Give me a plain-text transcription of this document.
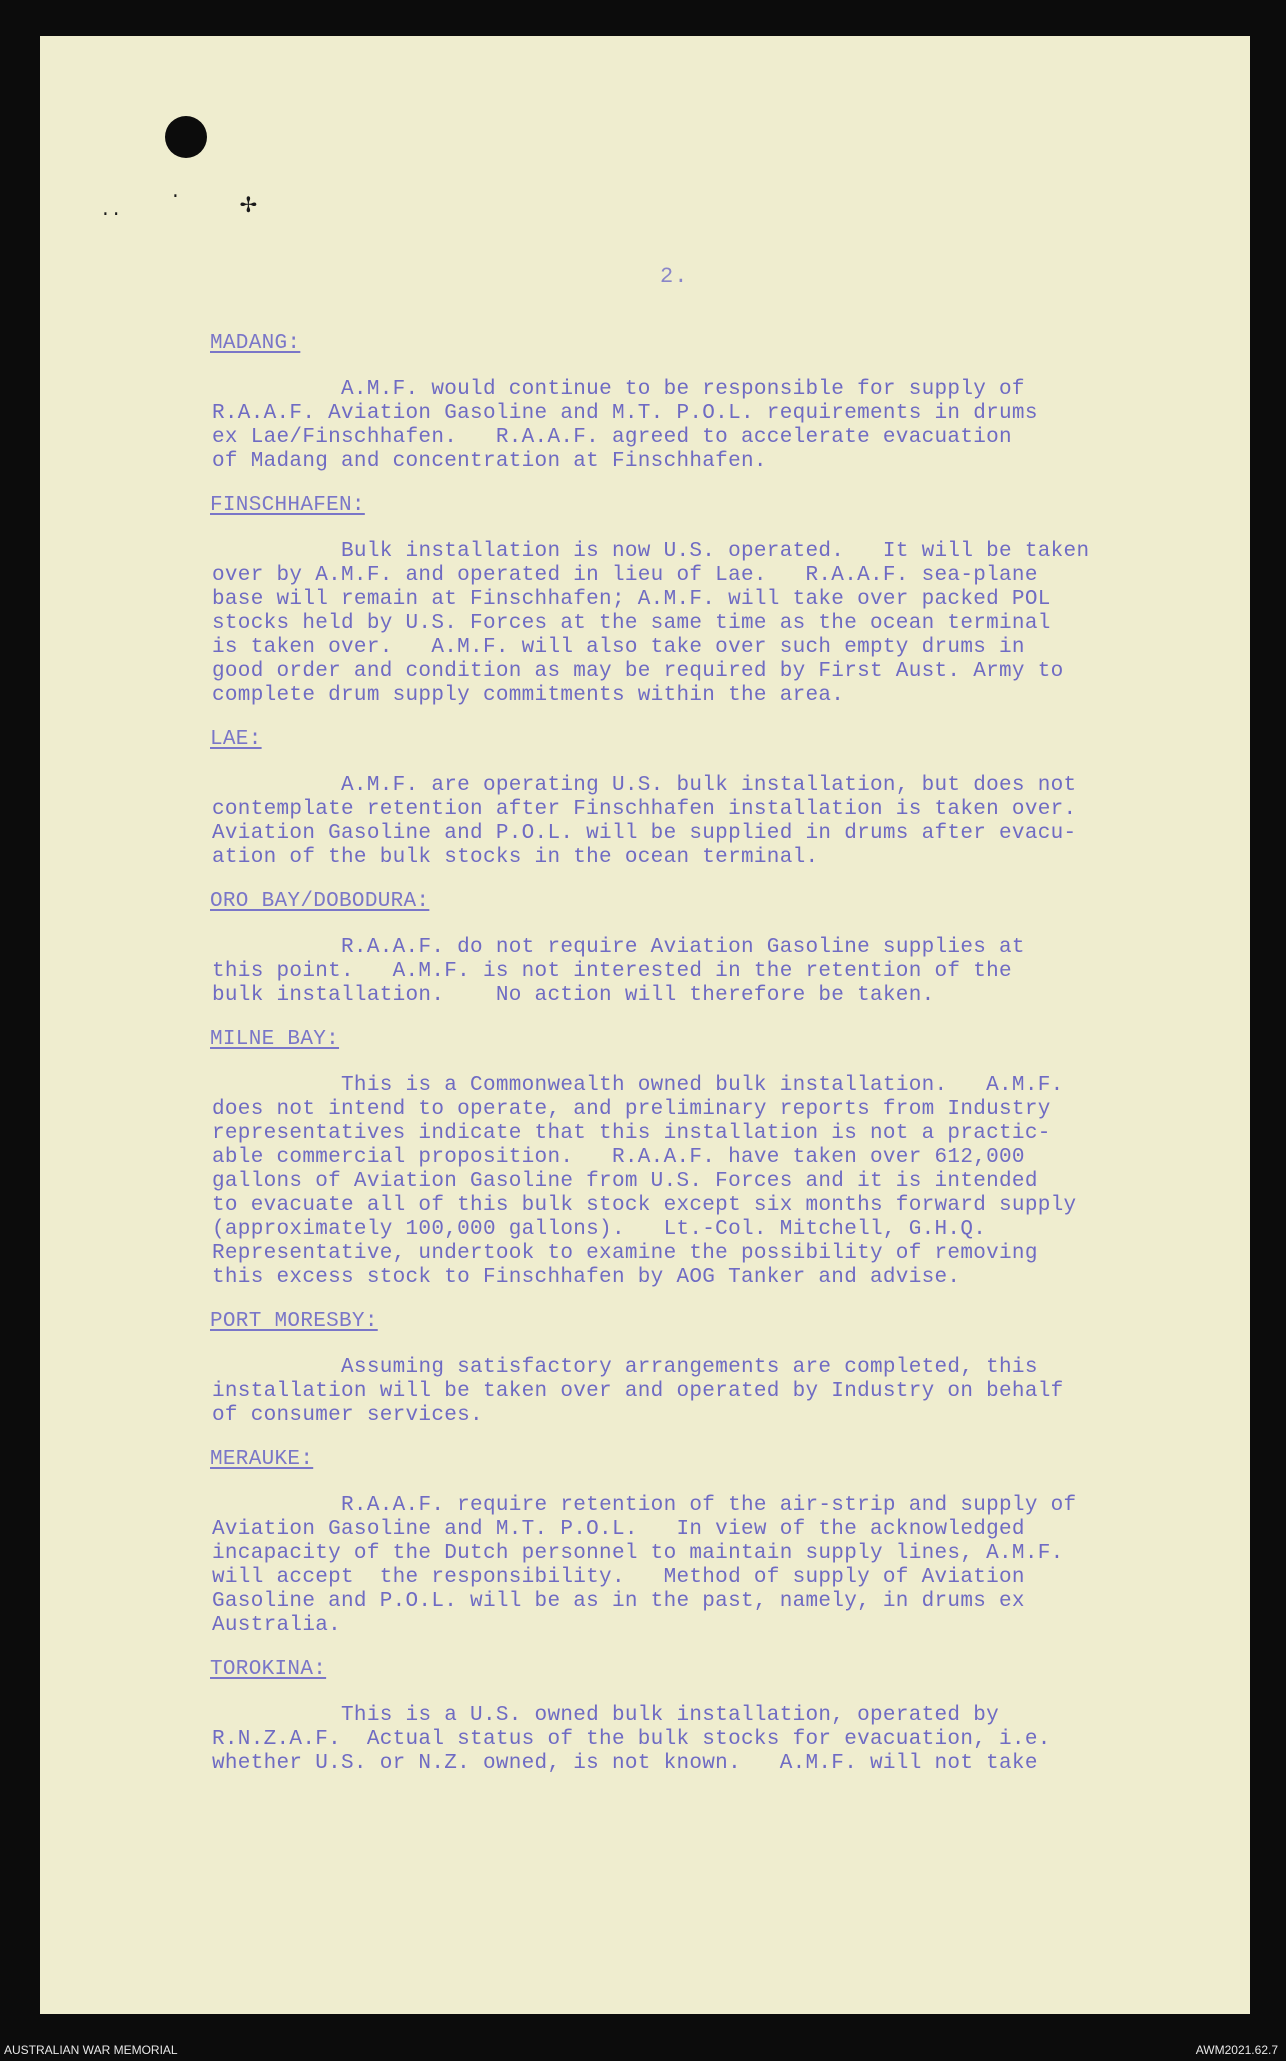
·
··	✢
2.
MADANG:
A.M.F. would continue to be responsible for supply of
R.A.A.F. Aviation Gasoline and M.T. P.O.L. requirements in drums
ex Lae/Finschhafen.   R.A.A.F. agreed to accelerate evacuation
of Madang and concentration at Finschhafen.
FINSCHHAFEN:
Bulk installation is now U.S. operated.   It will be taken
over by A.M.F. and operated in lieu of Lae.   R.A.A.F. sea-plane
base will remain at Finschhafen; A.M.F. will take over packed POL
stocks held by U.S. Forces at the same time as the ocean terminal
is taken over.   A.M.F. will also take over such empty drums in
good order and condition as may be required by First Aust. Army to
complete drum supply commitments within the area.
LAE:
A.M.F. are operating U.S. bulk installation, but does not
contemplate retention after Finschhafen installation is taken over.
Aviation Gasoline and P.O.L. will be supplied in drums after evacu-
ation of the bulk stocks in the ocean terminal.
ORO BAY/DOBODURA:
R.A.A.F. do not require Aviation Gasoline supplies at
this point.   A.M.F. is not interested in the retention of the
bulk installation.    No action will therefore be taken.
MILNE BAY:
This is a Commonwealth owned bulk installation.   A.M.F.
does not intend to operate, and preliminary reports from Industry
representatives indicate that this installation is not a practic-
able commercial proposition.   R.A.A.F. have taken over 612,000
gallons of Aviation Gasoline from U.S. Forces and it is intended
to evacuate all of this bulk stock except six months forward supply
(approximately 100,000 gallons).   Lt.-Col. Mitchell, G.H.Q.
Representative, undertook to examine the possibility of removing
this excess stock to Finschhafen by AOG Tanker and advise.
PORT MORESBY:
Assuming satisfactory arrangements are completed, this
installation will be taken over and operated by Industry on behalf
of consumer services.
MERAUKE:
R.A.A.F. require retention of the air-strip and supply of
Aviation Gasoline and M.T. P.O.L.   In view of the acknowledged
incapacity of the Dutch personnel to maintain supply lines, A.M.F.
will accept  the responsibility.   Method of supply of Aviation
Gasoline and P.O.L. will be as in the past, namely, in drums ex
Australia.
TOROKINA:
This is a U.S. owned bulk installation, operated by
R.N.Z.A.F.  Actual status of the bulk stocks for evacuation, i.e.
whether U.S. or N.Z. owned, is not known.   A.M.F. will not take
AUSTRALIAN WAR MEMORIAL	AWM2021.62.7
